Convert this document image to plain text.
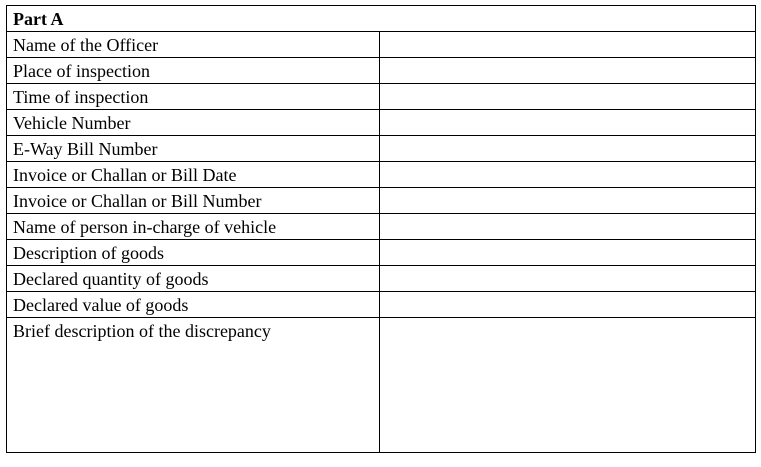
Part A	
Name of the Officer	
Place of inspection	
Time of inspection	
Vehicle Number	
E-Way Bill Number	
Invoice or Challan or Bill Date	
Invoice or Challan or Bill Number	
Name of person in-charge of vehicle	
Description of goods	
Declared quantity of goods	
Declared value of goods	
Brief description of the discrepancy	
